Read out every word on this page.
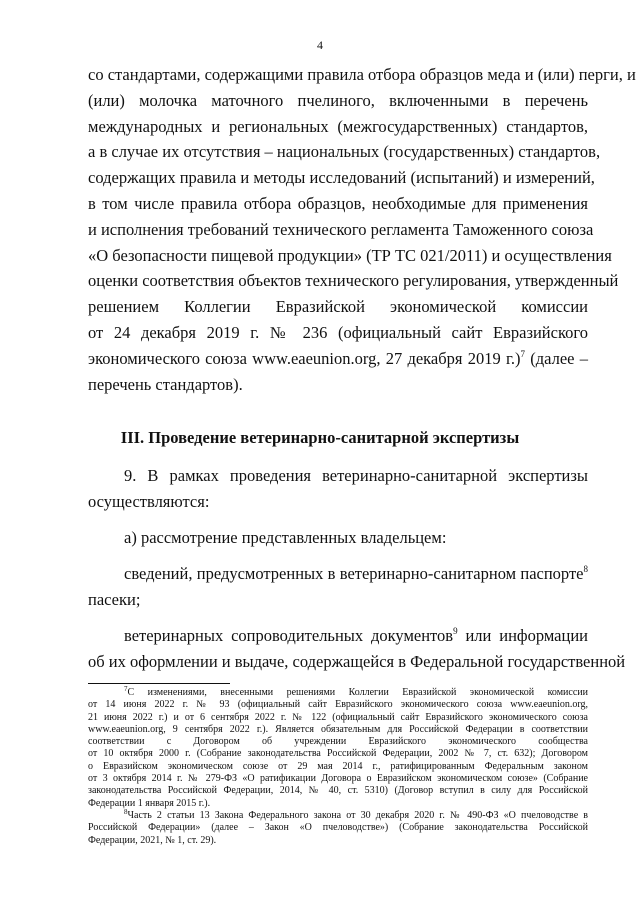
4
со стандартами, содержащими правила отбора образцов меда и (или) перги, и
(или) молочка маточного пчелиного, включенными в перечень
международных и региональных (межгосударственных) стандартов,
а в случае их отсутствия – национальных (государственных) стандартов,
содержащих правила и методы исследований (испытаний) и измерений,
в том числе правила отбора образцов, необходимые для применения
и исполнения требований технического регламента Таможенного союза
«О безопасности пищевой продукции» (ТР ТС 021/2011) и осуществления
оценки соответствия объектов технического регулирования, утвержденный
решением Коллегии Евразийской экономической комиссии
от 24 декабря 2019 г. № 236 (официальный сайт Евразийского
экономического союза www.eaeunion.org, 27 декабря 2019 г.)$^7$ (далее –
перечень стандартов).
III. Проведение ветеринарно-санитарной экспертизы
9. В рамках проведения ветеринарно-санитарной экспертизы
осуществляются:
а) рассмотрение представленных владельцем:
сведений, предусмотренных в ветеринарно-санитарном паспорте$^8$
пасеки;
ветеринарных сопроводительных документов$^9$ или информации
об их оформлении и выдаче, содержащейся в Федеральной государственной
$^7$С изменениями, внесенными решениями Коллегии Евразийской экономической комиссии
от 14 июня 2022 г. № 93 (официальный сайт Евразийского экономического союза www.eaeunion.org,
21 июня 2022 г.) и от 6 сентября 2022 г. № 122 (официальный сайт Евразийского экономического союза
www.eaeunion.org, 9 сентября 2022 г.). Является обязательным для Российской Федерации в соответствии
соответствии с Договором об учреждении Евразийского экономического сообщества
от 10 октября 2000 г. (Собрание законодательства Российской Федерации, 2002 № 7, ст. 632); Договором
о Евразийском экономическом союзе от 29 мая 2014 г., ратифицированным Федеральным законом
от 3 октября 2014 г. № 279-ФЗ «О ратификации Договора о Евразийском экономическом союзе» (Собрание
законодательства Российской Федерации, 2014, № 40, ст. 5310) (Договор вступил в силу для Российской
Федерации 1 января 2015 г.).
$^8$Часть 2 статьи 13 Закона Федерального закона от 30 декабря 2020 г. № 490-ФЗ «О пчеловодстве в
Российской Федерации» (далее – Закон «О пчеловодстве») (Собрание законодательства Российской
Федерации, 2021, № 1, ст. 29).
